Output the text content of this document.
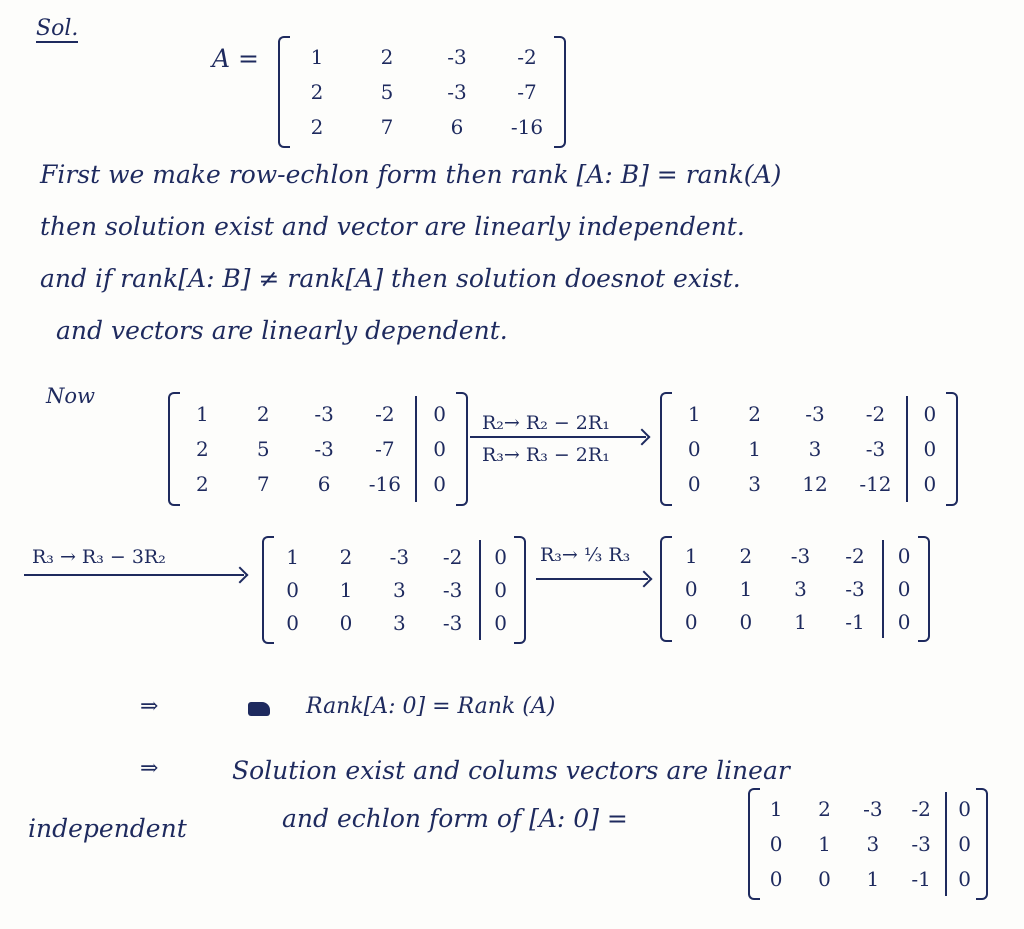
Sol.
A =	1	2	-3	-2
2	5	-3	-7
2	7	6 -16
First we make row-echlon form then rank [A: B] = rank(A)
then solution exist and vector are linearly independent.
and if rank[A: B] ≠ rank[A] then solution doesnot exist.
and vectors are linearly dependent.
Now
1 2 -3 -2 0
2 5 -3 -7 0
2 7 6 -16 0
R₂→ R₂ − 2R₁
R₃→ R₃ − 2R₁
1 2 -3 -2 0
0 1 3 -3 0
0 3 12 -12 0
R₃ → R₃ − 3R₂	1 2 -3 -2 0
0 1 3 -3 0
0 0 3 -3 0
R₃→ ⅓ R₃	1 2 -3 -2 0
0 1 3 -3 0
0 0 1 -1 0
⇒	Rank[A: 0] = Rank (A)
⇒	Solution exist and colums vectors are linear
independent	and echlon form of [A: 0] =	1 2 -3 -2 0
0 1 3 -3 0
0 0 1 -1 0
